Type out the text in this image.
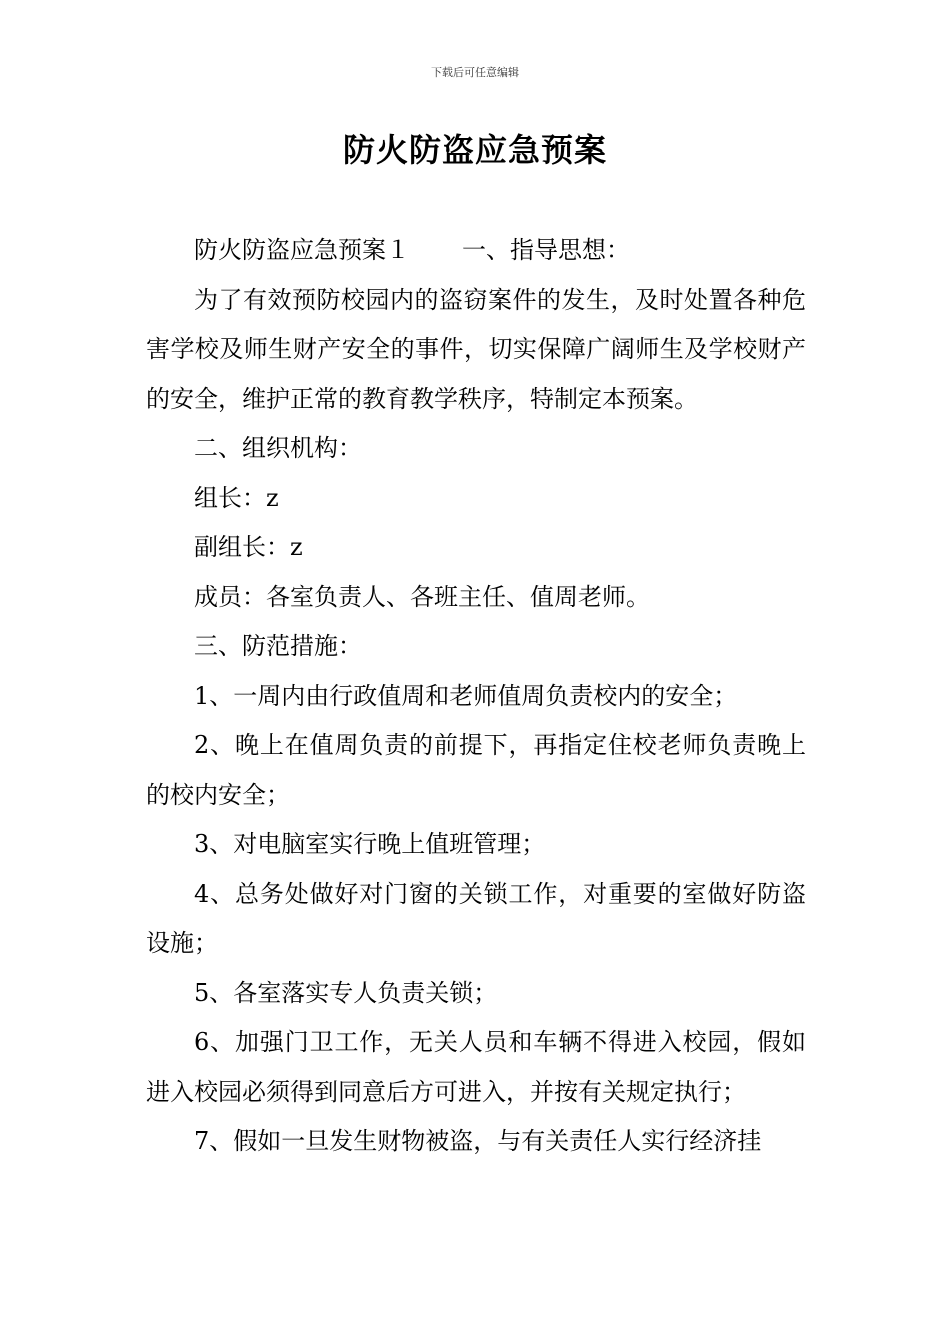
下载后可任意编辑
防火防盗应急预案

防火防盗应急预案１ 一、指导思想：

为了有效预防校园内的盗窃案件的发生，及时处置各种危害学校及师生财产安全的事件，切实保障广阔师生及学校财产的安全，维护正常的教育教学秩序，特制定本预案。

二、组织机构：

组长：z

副组长：z

成员：各室负责人、各班主任、值周老师。

三、防范措施：

1、一周内由行政值周和老师值周负责校内的安全；

2、晚上在值周负责的前提下，再指定住校老师负责晚上的校内安全；

3、对电脑室实行晚上值班管理；

4、总务处做好对门窗的关锁工作，对重要的室做好防盗设施；

5、各室落实专人负责关锁；

6、加强门卫工作，无关人员和车辆不得进入校园，假如进入校园必须得到同意后方可进入，并按有关规定执行；

7、假如一旦发生财物被盗，与有关责任人实行经济挂
